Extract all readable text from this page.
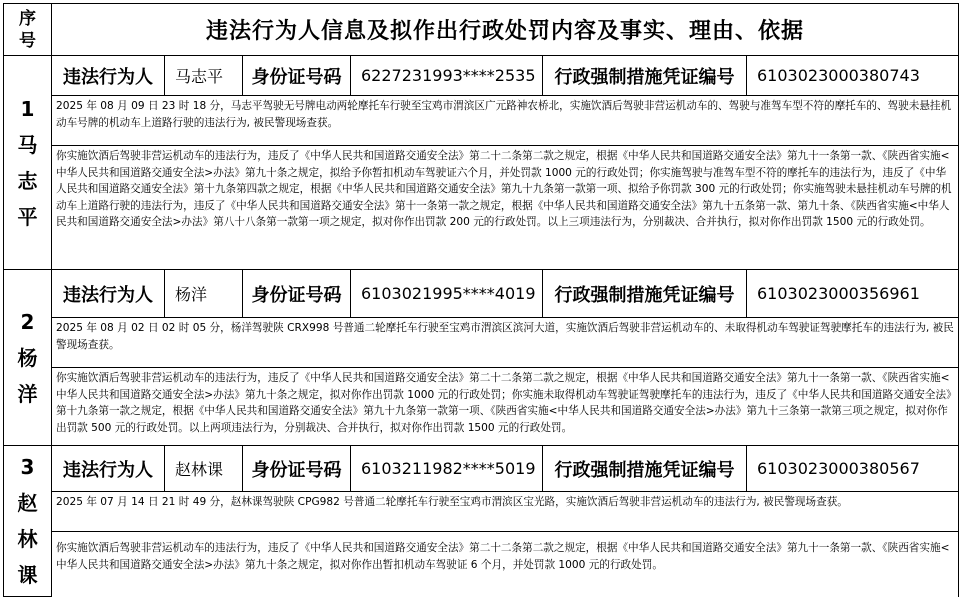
序号	违法行为人信息及拟作出行政处罚内容及事实、理由、依据
1
马志平
违法行为人 马志平 身份证号码 6227231993****2535 行政强制措施凭证编号 6103023000380743
2025 年 08 月 09 日 23 时 18 分，马志平驾驶无号牌电动两轮摩托车行驶至宝鸡市渭滨区广元路神农桥北，实施饮酒后驾驶非营运机动车的、驾驶与准驾车型不符的摩托车的、驾驶未悬挂机动车号牌的机动车上道路行驶的违法行为, 被民警现场查获。
你实施饮酒后驾驶非营运机动车的违法行为，违反了《中华人民共和国道路交通安全法》第二十二条第二款之规定，根据《中华人民共和国道路交通安全法》第九十一条第一款、《陕西省实施<中华人民共和国道路交通安全法>办法》第九十条之规定，拟给予你暂扣机动车驾驶证六个月，并处罚款 1000 元的行政处罚；你实施驾驶与准驾车型不符的摩托车的违法行为，违反了《中华人民共和国道路交通安全法》第十九条第四款之规定，根据《中华人民共和国道路交通安全法》第九十九条第一款第一项、拟给予你罚款 300 元的行政处罚；你实施驾驶未悬挂机动车号牌的机动车上道路行驶的违法行为，违反了《中华人民共和国道路交通安全法》第十一条第一款之规定，根据《中华人民共和国道路交通安全法》第九十五条第一款、第九十条、《陕西省实施<中华人民共和国道路交通安全法>办法》第八十八条第一款第一项之规定，拟对你作出罚款 200 元的行政处罚。以上三项违法行为，分别裁决、合并执行，拟对你作出罚款 1500 元的行政处罚。
2
杨洋
违法行为人 杨洋 身份证号码 6103021995****4019 行政强制措施凭证编号 6103023000356961
2025 年 08 月 02 日 02 时 05 分，杨洋驾驶陕 CRX998 号普通二轮摩托车行驶至宝鸡市渭滨区滨河大道，实施饮酒后驾驶非营运机动车的、未取得机动车驾驶证驾驶摩托车的违法行为, 被民警现场查获。
你实施饮酒后驾驶非营运机动车的违法行为，违反了《中华人民共和国道路交通安全法》第二十二条第二款之规定，根据《中华人民共和国道路交通安全法》第九十一条第一款、《陕西省实施<中华人民共和国道路交通安全法>办法》第九十条之规定，拟对你作出罚款 1000 元的行政处罚；你实施未取得机动车驾驶证驾驶摩托车的违法行为，违反了《中华人民共和国道路交通安全法》第十九条第一款之规定，根据《中华人民共和国道路交通安全法》第九十九条第一款第一项、《陕西省实施<中华人民共和国道路交通安全法>办法》第九十三条第一款第三项之规定，拟对你作出罚款 500 元的行政处罚。以上两项违法行为，分别裁决、合并执行，拟对你作出罚款 1500 元的行政处罚。
3
赵林课
违法行为人 赵林课 身份证号码 6103211982****5019 行政强制措施凭证编号 6103023000380567
2025 年 07 月 14 日 21 时 49 分，赵林课驾驶陕 CPG982 号普通二轮摩托车行驶至宝鸡市渭滨区宝光路，实施饮酒后驾驶非营运机动车的违法行为, 被民警现场查获。
你实施饮酒后驾驶非营运机动车的违法行为，违反了《中华人民共和国道路交通安全法》第二十二条第二款之规定，根据《中华人民共和国道路交通安全法》第九十一条第一款、《陕西省实施<中华人民共和国道路交通安全法>办法》第九十条之规定，拟对你作出暂扣机动车驾驶证 6 个月，并处罚款 1000 元的行政处罚。
